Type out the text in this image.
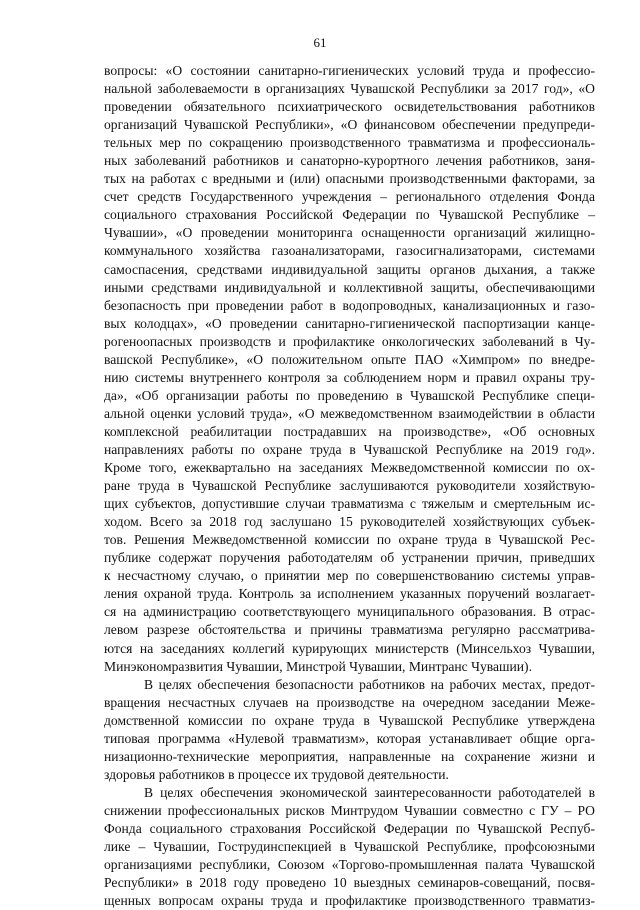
61
вопросы: «О состоянии санитарно-гигиенических условий труда и профессио-
нальной заболеваемости в организациях Чувашской Республики за 2017 год», «О
проведении обязательного психиатрического освидетельствования работников
организаций Чувашской Республики», «О финансовом обеспечении предупреди-
тельных мер по сокращению производственного травматизма и профессиональ-
ных заболеваний работников и санаторно-курортного лечения работников, заня-
тых на работах с вредными и (или) опасными производственными факторами, за
счет средств Государственного учреждения – регионального отделения Фонда
социального страхования Российской Федерации по Чувашской Республике –
Чувашии», «О проведении мониторинга оснащенности организаций жилищно-
коммунального хозяйства газоанализаторами, газосигнализаторами, системами
самоспасения, средствами индивидуальной защиты органов дыхания, а также
иными средствами индивидуальной и коллективной защиты, обеспечивающими
безопасность при проведении работ в водопроводных, канализационных и газо-
вых колодцах», «О проведении санитарно-гигиенической паспортизации канце-
рогеноопасных производств и профилактике онкологических заболеваний в Чу-
вашской Республике», «О положительном опыте ПАО «Химпром» по внедре-
нию системы внутреннего контроля за соблюдением норм и правил охраны тру-
да», «Об организации работы по проведению в Чувашской Республике специ-
альной оценки условий труда», «О межведомственном взаимодействии в области
комплексной реабилитации пострадавших на производстве», «Об основных
направлениях работы по охране труда в Чувашской Республике на 2019 год».
Кроме того, ежеквартально на заседаниях Межведомственной комиссии по ох-
ране труда в Чувашской Республике заслушиваются руководители хозяйствую-
щих субъектов, допустившие случаи травматизма с тяжелым и смертельным ис-
ходом. Всего за 2018 год заслушано 15 руководителей хозяйствующих субъек-
тов. Решения Межведомственной комиссии по охране труда в Чувашской Рес-
публике содержат поручения работодателям об устранении причин, приведших
к несчастному случаю, о принятии мер по совершенствованию системы управ-
ления охраной труда. Контроль за исполнением указанных поручений возлагает-
ся на администрацию соответствующего муниципального образования. В отрас-
левом разрезе обстоятельства и причины травматизма регулярно рассматрива-
ются на заседаниях коллегий курирующих министерств (Минсельхоз Чувашии,
Минэкономразвития Чувашии, Минстрой Чувашии, Минтранс Чувашии).
В целях обеспечения безопасности работников на рабочих местах, предот-
вращения несчастных случаев на производстве на очередном заседании Меже-
домственной комиссии по охране труда в Чувашской Республике утверждена
типовая программа «Нулевой травматизм», которая устанавливает общие орга-
низационно-технические мероприятия, направленные на сохранение жизни и
здоровья работников в процессе их трудовой деятельности.
В целях обеспечения экономической заинтересованности работодателей в
снижении профессиональных рисков Минтрудом Чувашии совместно с ГУ – РО
Фонда социального страхования Российской Федерации по Чувашской Респуб-
лике – Чувашии, Гострудинспекцией в Чувашской Республике, профсоюзными
организациями республики, Союзом «Торгово-промышленная палата Чувашской
Республики» в 2018 году проведено 10 выездных семинаров-совещаний, посвя-
щенных вопросам охраны труда и профилактике производственного травматиз-
